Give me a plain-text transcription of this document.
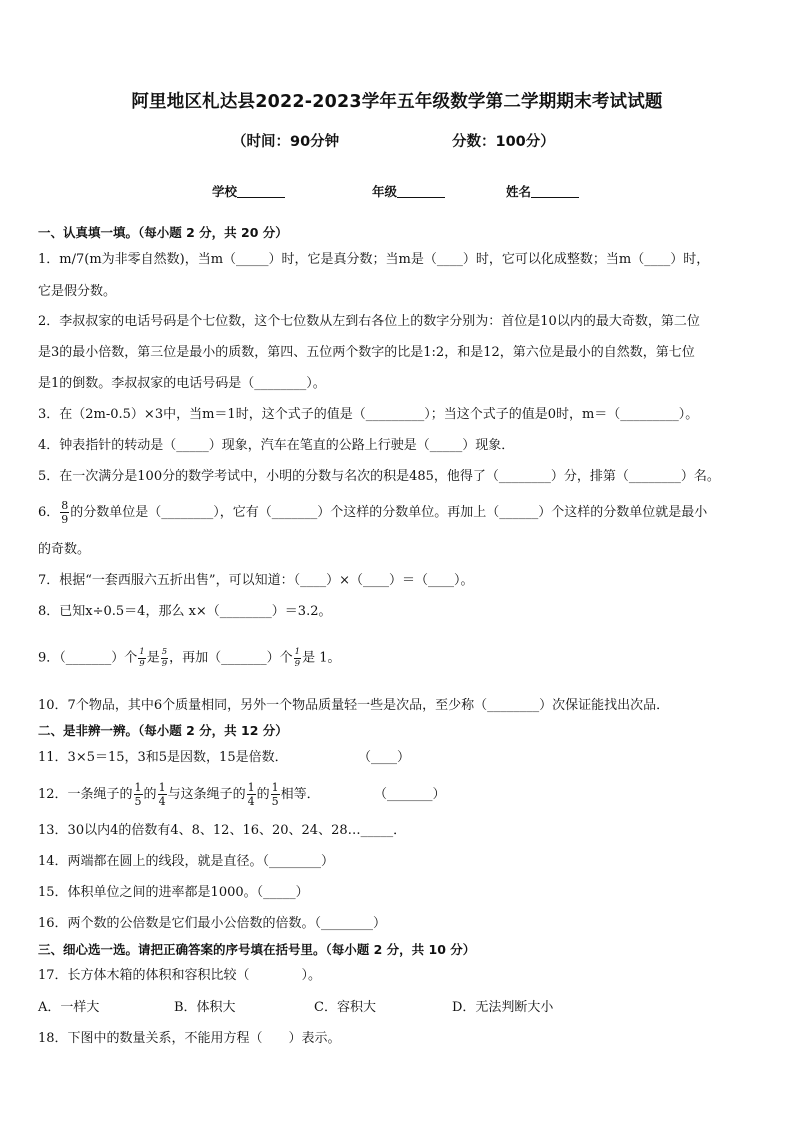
阿里地区札达县2022-2023学年五年级数学第二学期期末考试试题
（时间：90分钟	分数：100分）
学校	年级	姓名
一、认真填一填。（每小题 2 分，共 20 分）
1．m/7(m为非零自然数)，当m（_____）时，它是真分数；当m是（____）时，它可以化成整数；当m（____）时，
它是假分数。
2．李叔叔家的电话号码是个七位数，这个七位数从左到右各位上的数字分别为：首位是10以内的最大奇数，第二位
是3的最小倍数，第三位是最小的质数，第四、五位两个数字的比是1:2，和是12，第六位是最小的自然数，第七位
是1的倒数。李叔叔家的电话号码是（________）。
3．在（2m-0.5）×3中，当m＝1时，这个式子的值是（_________）；当这个式子的值是0时，m＝（_________）。
4．钟表指针的转动是（_____）现象，汽车在笔直的公路上行驶是（_____）现象．
5．在一次满分是100分的数学考试中，小明的分数与名次的积是485，他得了（________）分，排第（________）名。
6． $\frac{8}{9}$ 的分数单位是（________），它有（_______）个这样的分数单位。再加上（______）个这样的分数单位就是最小
的奇数。
7．根据“一套西服六五折出售”，可以知道：（____）×（____）＝（____）。
8．已知x÷0.5＝4，那么 x×（________）＝3.2。
9．（_______）个 $\frac{1}{9}$ 是 $\frac{5}{9}$ ，再加（_______）个 $\frac{1}{9}$ 是 1。
10．7个物品，其中6个质量相同，另外一个物品质量轻一些是次品，至少称（________）次保证能找出次品．
二、是非辨一辨。（每小题 2 分，共 12 分）
11．3×5＝15，3和5是因数，15是倍数．	（____）
12．一条绳子的 $\frac{1}{5}$ 的 $\frac{1}{4}$ 与这条绳子的 $\frac{1}{4}$ 的 $\frac{1}{5}$ 相等．	（_______）
13．30以内4的倍数有4、8、12、16、20、24、28…_____．
14．两端都在圆上的线段，就是直径。（________）
15．体积单位之间的进率都是1000。（_____）
16．两个数的公倍数是它们最小公倍数的倍数。（________）
三、细心选一选。请把正确答案的序号填在括号里。（每小题 2 分，共 10 分）
17．长方体木箱的体积和容积比较（　　　　）。
A．一样大	B．体积大	C．容积大	D．无法判断大小
18．下图中的数量关系，不能用方程（　　）表示。
